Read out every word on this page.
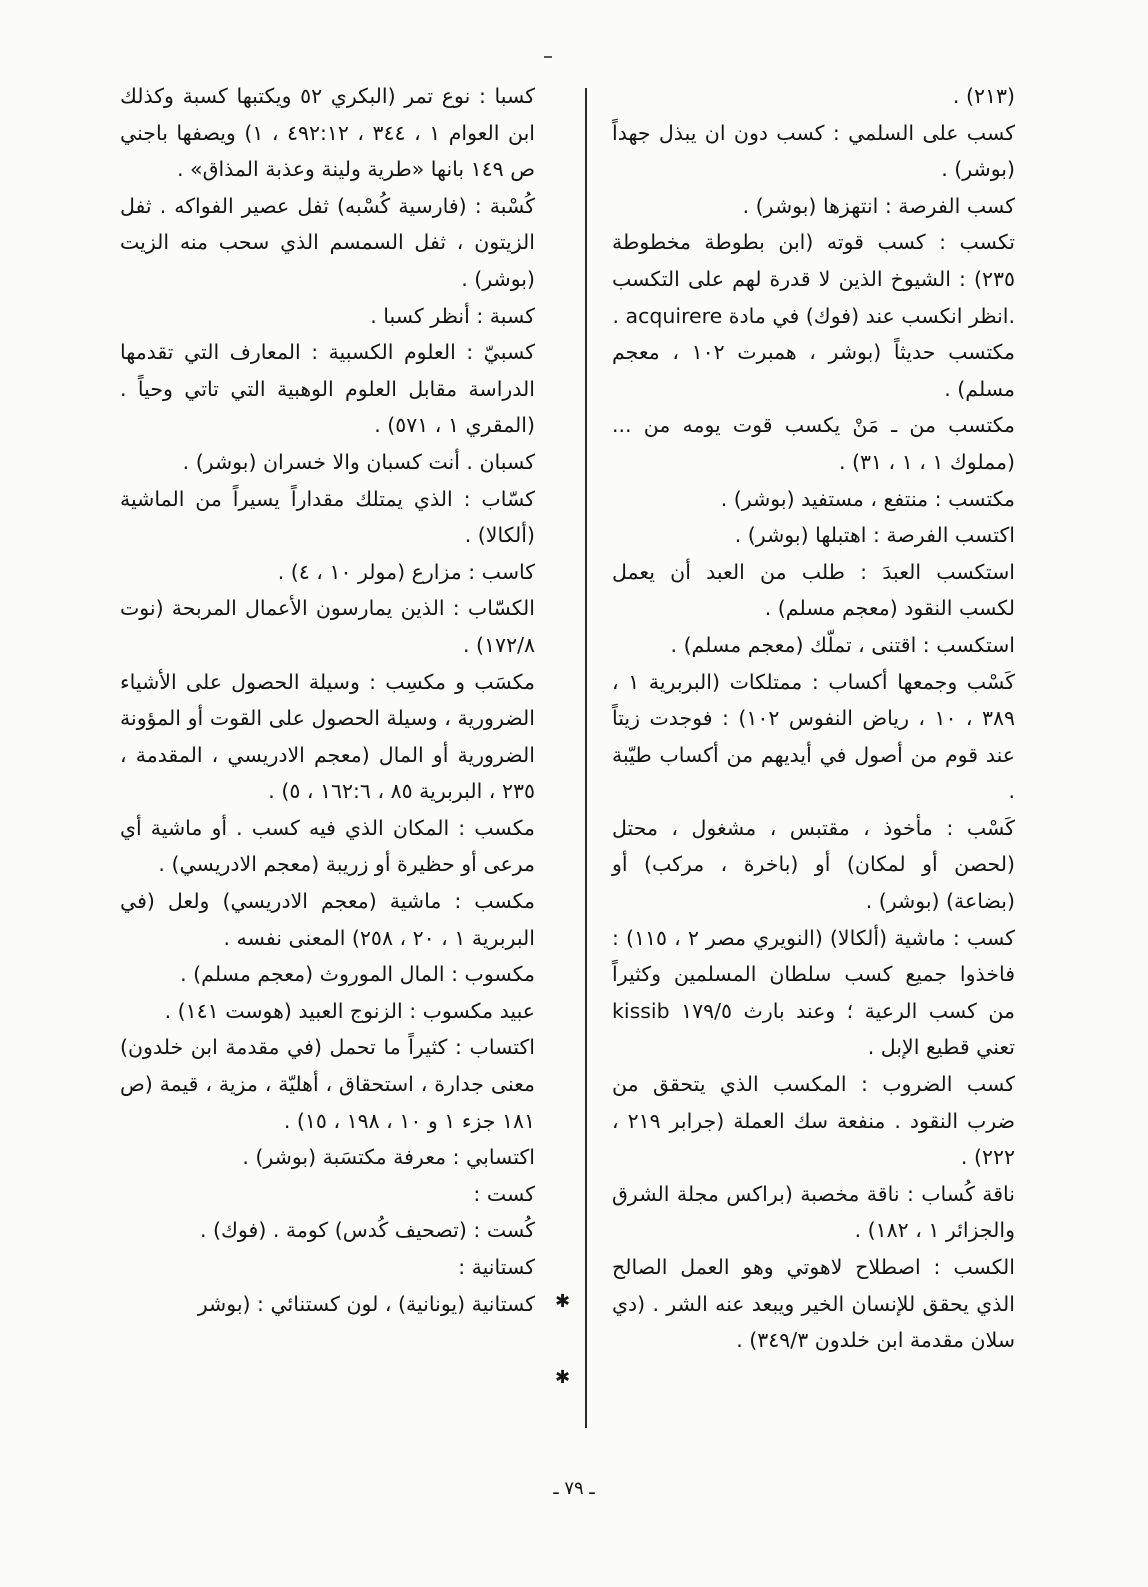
(٢١٣) .

كسب على السلمي : كسب دون ان يبذل جهداً (بوشر) .

كسب الفرصة : انتهزها (بوشر) .

تكسب : كسب قوته (ابن بطوطة مخطوطة ٢٣٥) : الشيوخ الذين لا قدرة لهم على التكسب .انظر انكسب عند (فوك) في مادة acquirere .

مكتسب حديثاً (بوشر ، همبرت ١٠٢ ، معجم مسلم) .

مكتسب من ـ مَنْ يكسب قوت يومه من ... (مملوك ١ ، ١ ، ٣١) .

مكتسب : منتفع ، مستفيد (بوشر) .

اكتسب الفرصة : اهتبلها (بوشر) .

استكسب العبدَ : طلب من العبد أن يعمل لكسب النقود (معجم مسلم) .

استكسب : اقتنى ، تملّك (معجم مسلم) .

كَسْب وجمعها أكساب : ممتلكات (البربرية ١ ، ٣٨٩ ، ١٠ ، رياض النفوس ١٠٢) : فوجدت زيتاً عند قوم من أصول في أيديهم من أكساب طيّبة .

كَسْب : مأخوذ ، مقتبس ، مشغول ، محتل (لحصن أو لمكان) أو (باخرة ، مركب) أو (بضاعة) (بوشر) .

كسب : ماشية (ألكالا) (النويري مصر ٢ ، ١١٥) : فاخذوا جميع كسب سلطان المسلمين وكثيراً من كسب الرعية ؛ وعند بارث ١٧٩/٥ kissib تعني قطيع الإبل .

كسب الضروب : المكسب الذي يتحقق من ضرب النقود . منفعة سك العملة (جرابر ٢١٩ ، ٢٢٢) .

ناقة كُساب : ناقة مخصبة (براكس مجلة الشرق والجزائر ١ ، ١٨٢) .

الكسب : اصطلاح لاهوتي وهو العمل الصالح الذي يحقق للإنسان الخير ويبعد عنه الشر . (دي سلان مقدمة ابن خلدون ٣٤٩/٣) .

كسبا : نوع تمر (البكري ٥٢ ويكتبها كسبة وكذلك ابن العوام ١ ، ٣٤٤ ، ٤٩٢:١٢ ، ١) ويصفها باجني ص ١٤٩ بانها «طرية ولينة وعذبة المذاق» .

كُسْبة : (فارسية كُسْبه) ثفل عصير الفواكه . ثفل الزيتون ، ثفل السمسم الذي سحب منه الزيت (بوشر) .

كسبة : أنظر كسبا .

كسبيّ : العلوم الكسبية : المعارف التي تقدمها الدراسة مقابل العلوم الوهبية التي تاتي وحياً . (المقري ١ ، ٥٧١) .

كسبان . أنت كسبان والا خسران (بوشر) .

كسّاب : الذي يمتلك مقداراً يسيراً من الماشية (ألكالا) .

كاسب : مزارع (مولر ١٠ ، ٤) .

الكسّاب : الذين يمارسون الأعمال المربحة (نوت ١٧٢/٨) .

مكسَب و مكسِب : وسيلة الحصول على الأشياء الضرورية ، وسيلة الحصول على القوت أو المؤونة الضرورية أو المال (معجم الادريسي ، المقدمة ، ٢٣٥ ، البربرية ٨٥ ، ١٦٢:٦ ، ٥) .

مكسب : المكان الذي فيه كسب . أو ماشية أي مرعى أو حظيرة أو زريبة (معجم الادريسي) .

مكسب : ماشية (معجم الادريسي) ولعل (في البربرية ١ ، ٢٠ ، ٢٥٨) المعنى نفسه .

مكسوب : المال الموروث (معجم مسلم) .

عبيد مكسوب : الزنوج العبيد (هوست ١٤١) .

اكتساب : كثيراً ما تحمل (في مقدمة ابن خلدون) معنى جدارة ، استحقاق ، أهليّة ، مزية ، قيمة (ص ١٨١ جزء ١ و ١٠ ، ١٩٨ ، ١٥) .

اكتسابي : معرفة مكتسَبة (بوشر) .

كست :

كُست : (تصحيف كُدس) كومة . (فوك) .

كستانية :

كستانية (يونانية) ، لون كستنائي : (بوشر ✱
✱
ـ ٧٩ ـ
